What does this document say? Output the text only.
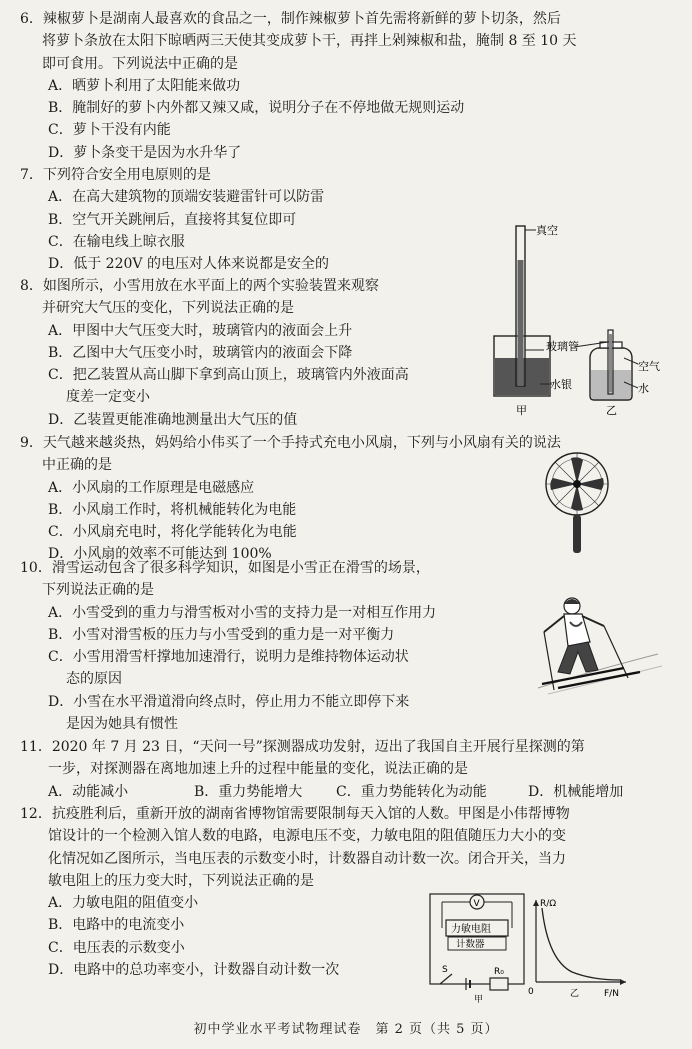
6．辣椒萝卜是湖南人最喜欢的食品之一，制作辣椒萝卜首先需将新鲜的萝卜切条，然后
将萝卜条放在太阳下晾晒两三天使其变成萝卜干，再拌上剁辣椒和盐，腌制 8 至 10 天
即可食用。下列说法中正确的是
A．晒萝卜利用了太阳能来做功
B．腌制好的萝卜内外都又辣又咸，说明分子在不停地做无规则运动
C．萝卜干没有内能
D．萝卜条变干是因为水升华了
7．下列符合安全用电原则的是
A．在高大建筑物的顶端安装避雷针可以防雷
B．空气开关跳闸后，直接将其复位即可
C．在输电线上晾衣服
D．低于 220V 的电压对人体来说都是安全的
8．如图所示，小雪用放在水平面上的两个实验装置来观察
并研究大气压的变化，下列说法正确的是
A．甲图中大气压变大时，玻璃管内的液面会上升
B．乙图中大气压变小时，玻璃管内的液面会下降
C．把乙装置从高山脚下拿到高山顶上，玻璃管内外液面高
度差一定变小
D．乙装置更能准确地测量出大气压的值
真空
水银
甲
玻璃管
空气
水
乙
9．天气越来越炎热，妈妈给小伟买了一个手持式充电小风扇，下列与小风扇有关的说法
中正确的是
A．小风扇的工作原理是电磁感应
B．小风扇工作时，将机械能转化为电能
C．小风扇充电时，将化学能转化为电能
D．小风扇的效率不可能达到 100%
10．滑雪运动包含了很多科学知识，如图是小雪正在滑雪的场景，
下列说法正确的是
A．小雪受到的重力与滑雪板对小雪的支持力是一对相互作用力
B．小雪对滑雪板的压力与小雪受到的重力是一对平衡力
C．小雪用滑雪杆撑地加速滑行，说明力是维持物体运动状
态的原因
D．小雪在水平滑道滑向终点时，停止用力不能立即停下来
是因为她具有惯性
11．2020 年 7 月 23 日，“天问一号”探测器成功发射，迈出了我国自主开展行星探测的第
一步，对探测器在离地加速上升的过程中能量的变化，说法正确的是
A．动能减小	B．重力势能增大	C．重力势能转化为动能	D．机械能增加
12．抗疫胜利后，重新开放的湖南省博物馆需要限制每天入馆的人数。甲图是小伟帮博物
馆设计的一个检测入馆人数的电路，电源电压不变，力敏电阻的阻值随压力大小的变
化情况如乙图所示，当电压表的示数变小时，计数器自动计数一次。闭合开关，当力
敏电阻上的压力变大时，下列说法正确的是
A．力敏电阻的阻值变小
B．电路中的电流变小
C．电压表的示数变小
D．电路中的总功率变小，计数器自动计数一次
V
力敏电阻
计数器
S	R₀
甲
R/Ω
F/N
0	乙
初中学业水平考试物理试卷　第 2 页（共 5 页）
